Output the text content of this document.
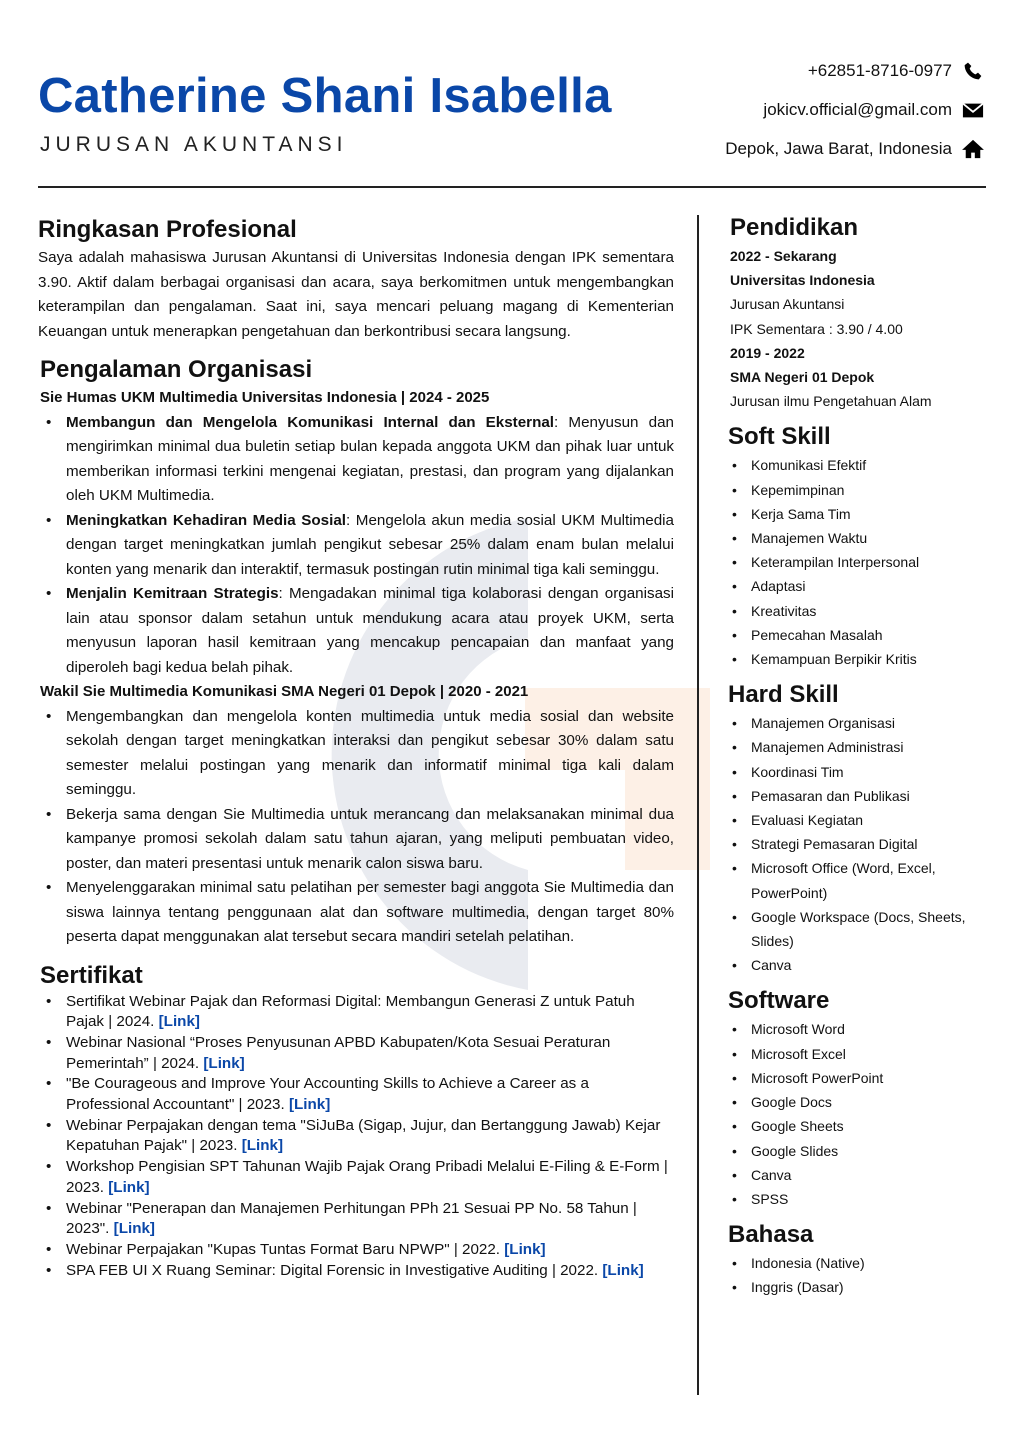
Catherine Shani Isabella
JURUSAN AKUNTANSI
+62851-8716-0977
jokicv.official@gmail.com
Depok, Jawa Barat, Indonesia
Ringkasan Profesional

Saya adalah mahasiswa Jurusan Akuntansi di Universitas Indonesia dengan IPK sementara 3.90. Aktif dalam berbagai organisasi dan acara, saya berkomitmen untuk mengembangkan keterampilan dan pengalaman. Saat ini, saya mencari peluang magang di Kementerian Keuangan untuk menerapkan pengetahuan dan berkontribusi secara langsung.

Pengalaman Organisasi
Sie Humas UKM Multimedia Universitas Indonesia | 2024 - 2025
• Membangun dan Mengelola Komunikasi Internal dan Eksternal: Menyusun dan mengirimkan minimal dua buletin setiap bulan kepada anggota UKM dan pihak luar untuk memberikan informasi terkini mengenai kegiatan, prestasi, dan program yang dijalankan oleh UKM Multimedia.
• Meningkatkan Kehadiran Media Sosial: Mengelola akun media sosial UKM Multimedia dengan target meningkatkan jumlah pengikut sebesar 25% dalam enam bulan melalui konten yang menarik dan interaktif, termasuk postingan rutin minimal tiga kali seminggu.
• Menjalin Kemitraan Strategis: Mengadakan minimal tiga kolaborasi dengan organisasi lain atau sponsor dalam setahun untuk mendukung acara atau proyek UKM, serta menyusun laporan hasil kemitraan yang mencakup pencapaian dan manfaat yang diperoleh bagi kedua belah pihak.
Wakil Sie Multimedia Komunikasi SMA Negeri 01 Depok | 2020 - 2021
• Mengembangkan dan mengelola konten multimedia untuk media sosial dan website sekolah dengan target meningkatkan interaksi dan pengikut sebesar 30% dalam satu semester melalui postingan yang menarik dan informatif minimal tiga kali dalam seminggu.
• Bekerja sama dengan Sie Multimedia untuk merancang dan melaksanakan minimal dua kampanye promosi sekolah dalam satu tahun ajaran, yang meliputi pembuatan video, poster, dan materi presentasi untuk menarik calon siswa baru.
• Menyelenggarakan minimal satu pelatihan per semester bagi anggota Sie Multimedia dan siswa lainnya tentang penggunaan alat dan software multimedia, dengan target 80% peserta dapat menggunakan alat tersebut secara mandiri setelah pelatihan.
Sertifikat
• Sertifikat Webinar Pajak dan Reformasi Digital: Membangun Generasi Z untuk Patuh Pajak | 2024. [Link]
• Webinar Nasional “Proses Penyusunan APBD Kabupaten/Kota Sesuai Peraturan Pemerintah” | 2024. [Link]
• "Be Courageous and Improve Your Accounting Skills to Achieve a Career as a Professional Accountant" | 2023. [Link]
• Webinar Perpajakan dengan tema "SiJuBa (Sigap, Jujur, dan Bertanggung Jawab) Kejar Kepatuhan Pajak" | 2023. [Link]
• Workshop Pengisian SPT Tahunan Wajib Pajak Orang Pribadi Melalui E-Filing & E-Form | 2023. [Link]
• Webinar "Penerapan dan Manajemen Perhitungan PPh 21 Sesuai PP No. 58 Tahun | 2023". [Link]
• Webinar Perpajakan "Kupas Tuntas Format Baru NPWP" | 2022. [Link]
• SPA FEB UI X Ruang Seminar: Digital Forensic in Investigative Auditing | 2022. [Link]
Pendidikan
2022 - Sekarang
Universitas Indonesia
Jurusan Akuntansi
IPK Sementara : 3.90 / 4.00
2019 - 2022
SMA Negeri 01 Depok
Jurusan ilmu Pengetahuan Alam
Soft Skill
• Komunikasi Efektif
• Kepemimpinan
• Kerja Sama Tim
• Manajemen Waktu
• Keterampilan Interpersonal
• Adaptasi
• Kreativitas
• Pemecahan Masalah
• Kemampuan Berpikir Kritis
Hard Skill
• Manajemen Organisasi
• Manajemen Administrasi
• Koordinasi Tim
• Pemasaran dan Publikasi
• Evaluasi Kegiatan
• Strategi Pemasaran Digital
• Microsoft Office (Word, Excel, PowerPoint)
• Google Workspace (Docs, Sheets, Slides)
• Canva
Software
• Microsoft Word
• Microsoft Excel
• Microsoft PowerPoint
• Google Docs
• Google Sheets
• Google Slides
• Canva
• SPSS
Bahasa
• Indonesia (Native)
• Inggris (Dasar)
